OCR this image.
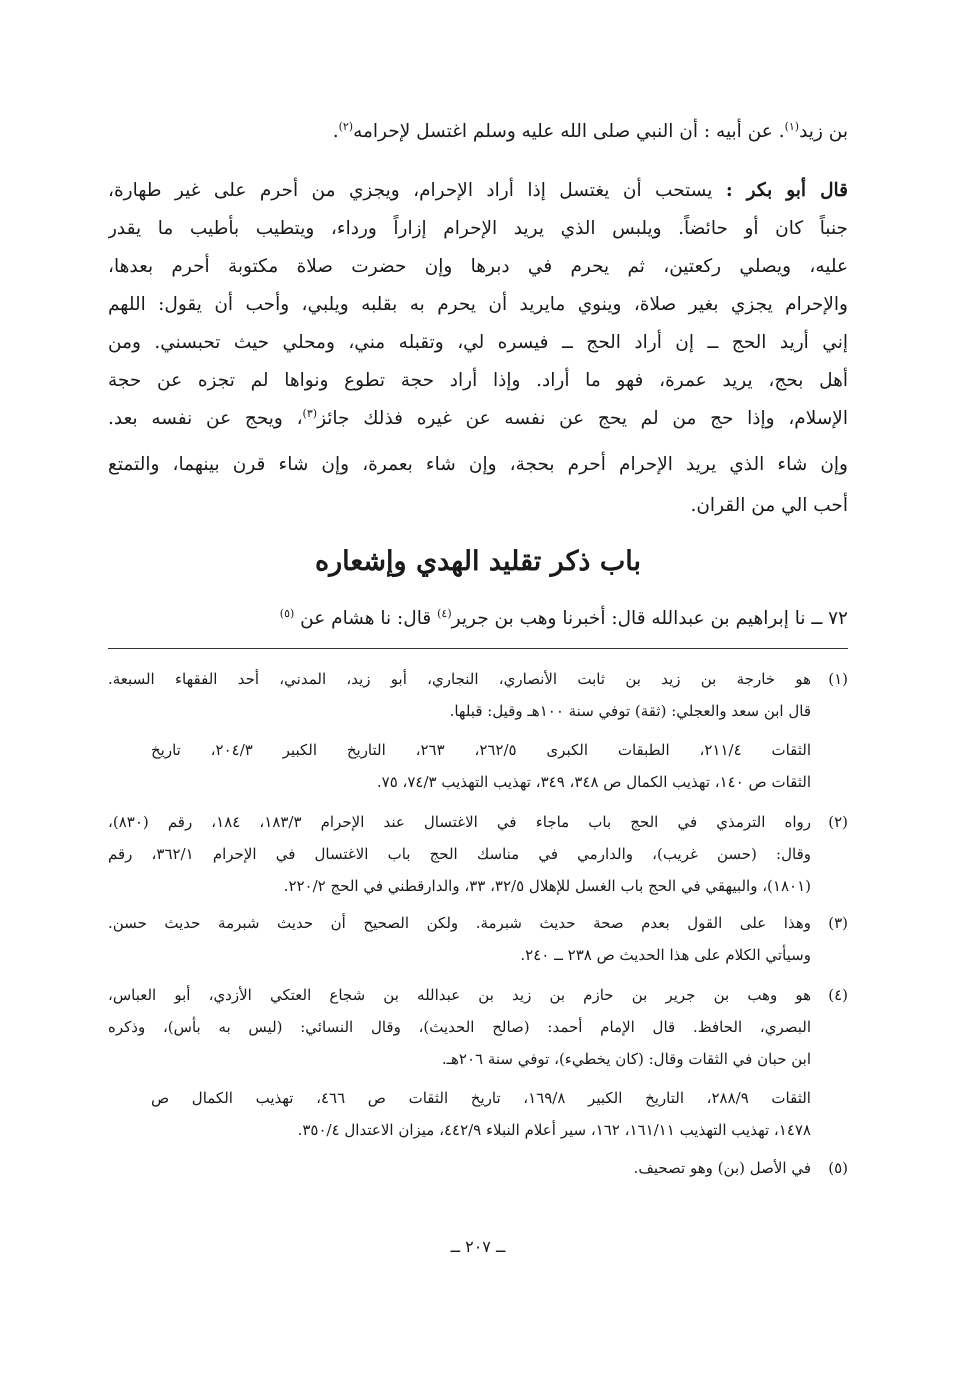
بن زيد$^{(١)}$. عن أبيه : أن النبي صلى الله عليه وسلم اغتسل لإحرامه$^{(٢)}$.
قال أبو بكر : يستحب أن يغتسل إذا أراد الإحرام، ويجزي من أحرم على غير طهارة،
جنباً كان أو حائضاً. ويلبس الذي يريد الإحرام إزاراً ورداء، ويتطيب بأطيب ما يقدر
عليه، ويصلي ركعتين، ثم يحرم في دبرها وإن حضرت صلاة مكتوبة أحرم بعدها،
والإحرام يجزي بغير صلاة، وينوي مايريد أن يحرم به بقلبه ويلبي، وأحب أن يقول: اللهم
إني أريد الحج ــ إن أراد الحج ــ فيسره لي، وتقبله مني، ومحلي حيث تحبسني. ومن
أهل بحج، يريد عمرة، فهو ما أراد. وإذا أراد حجة تطوع ونواها لم تجزه عن حجة
الإسلام، وإذا حج من لم يحج عن نفسه عن غيره فذلك جائز$^{(٣)}$، ويحج عن نفسه بعد.
وإن شاء الذي يريد الإحرام أحرم بحجة، وإن شاء بعمرة، وإن شاء قرن بينهما، والتمتع
أحب الي من القران.
باب ذكر تقليد الهدي وإشعاره
٧٢ ــ نا إبراهيم بن عبدالله قال: أخبرنا وهب بن جرير$^{(٤)}$ قال: نا هشام عن $^{(٥)}$
(١)
هو خارجة بن زيد بن ثابت الأنصاري، النجاري، أبو زيد، المدني، أحد الفقهاء السبعة.
قال ابن سعد والعجلي: (ثقة) توفي سنة ١٠٠هـ وقيل: قبلها.
الثقات ٢١١/٤، الطبقات الكبرى ٢٦٢/٥، ٢٦٣، التاريخ الكبير ٢٠٤/٣، تاريخ
الثقات ص ١٤٠، تهذيب الكمال ص ٣٤٨، ٣٤٩، تهذيب التهذيب ٧٤/٣، ٧٥.
(٢)
رواه الترمذي في الحج باب ماجاء في الاغتسال عند الإحرام ١٨٣/٣، ١٨٤، رقم (٨٣٠)،
وقال: (حسن غريب)، والدارمي في مناسك الحج باب الاغتسال في الإحرام ٣٦٢/١، رقم
(١٨٠١)، والبيهقي في الحج باب الغسل للإهلال ٣٢/٥، ٣٣، والدارقطني في الحج ٢٢٠/٢.
(٣)
وهذا على القول بعدم صحة حديث شبرمة. ولكن الصحيح أن حديث شبرمة حديث حسن.
وسيأتي الكلام على هذا الحديث ص ٢٣٨ ــ ٢٤٠.
(٤)
هو وهب بن جرير بن حازم بن زيد بن عبدالله بن شجاع العتكي الأزدي، أبو العباس،
البصري، الحافظ. قال الإمام أحمد: (صالح الحديث)، وقال النسائي: (ليس به بأس)، وذكره
ابن حبان في الثقات وقال: (كان يخطيء)، توفي سنة ٢٠٦هـ.
الثقات ٢٨٨/٩، التاريخ الكبير ١٦٩/٨، تاريخ الثقات ص ٤٦٦، تهذيب الكمال ص
١٤٧٨، تهذيب التهذيب ١٦١/١١، ١٦٢، سير أعلام النبلاء ٤٤٢/٩، ميزان الاعتدال ٣٥٠/٤.
(٥)
في الأصل (بن) وهو تصحيف.
ــ ٢٠٧ ــ
